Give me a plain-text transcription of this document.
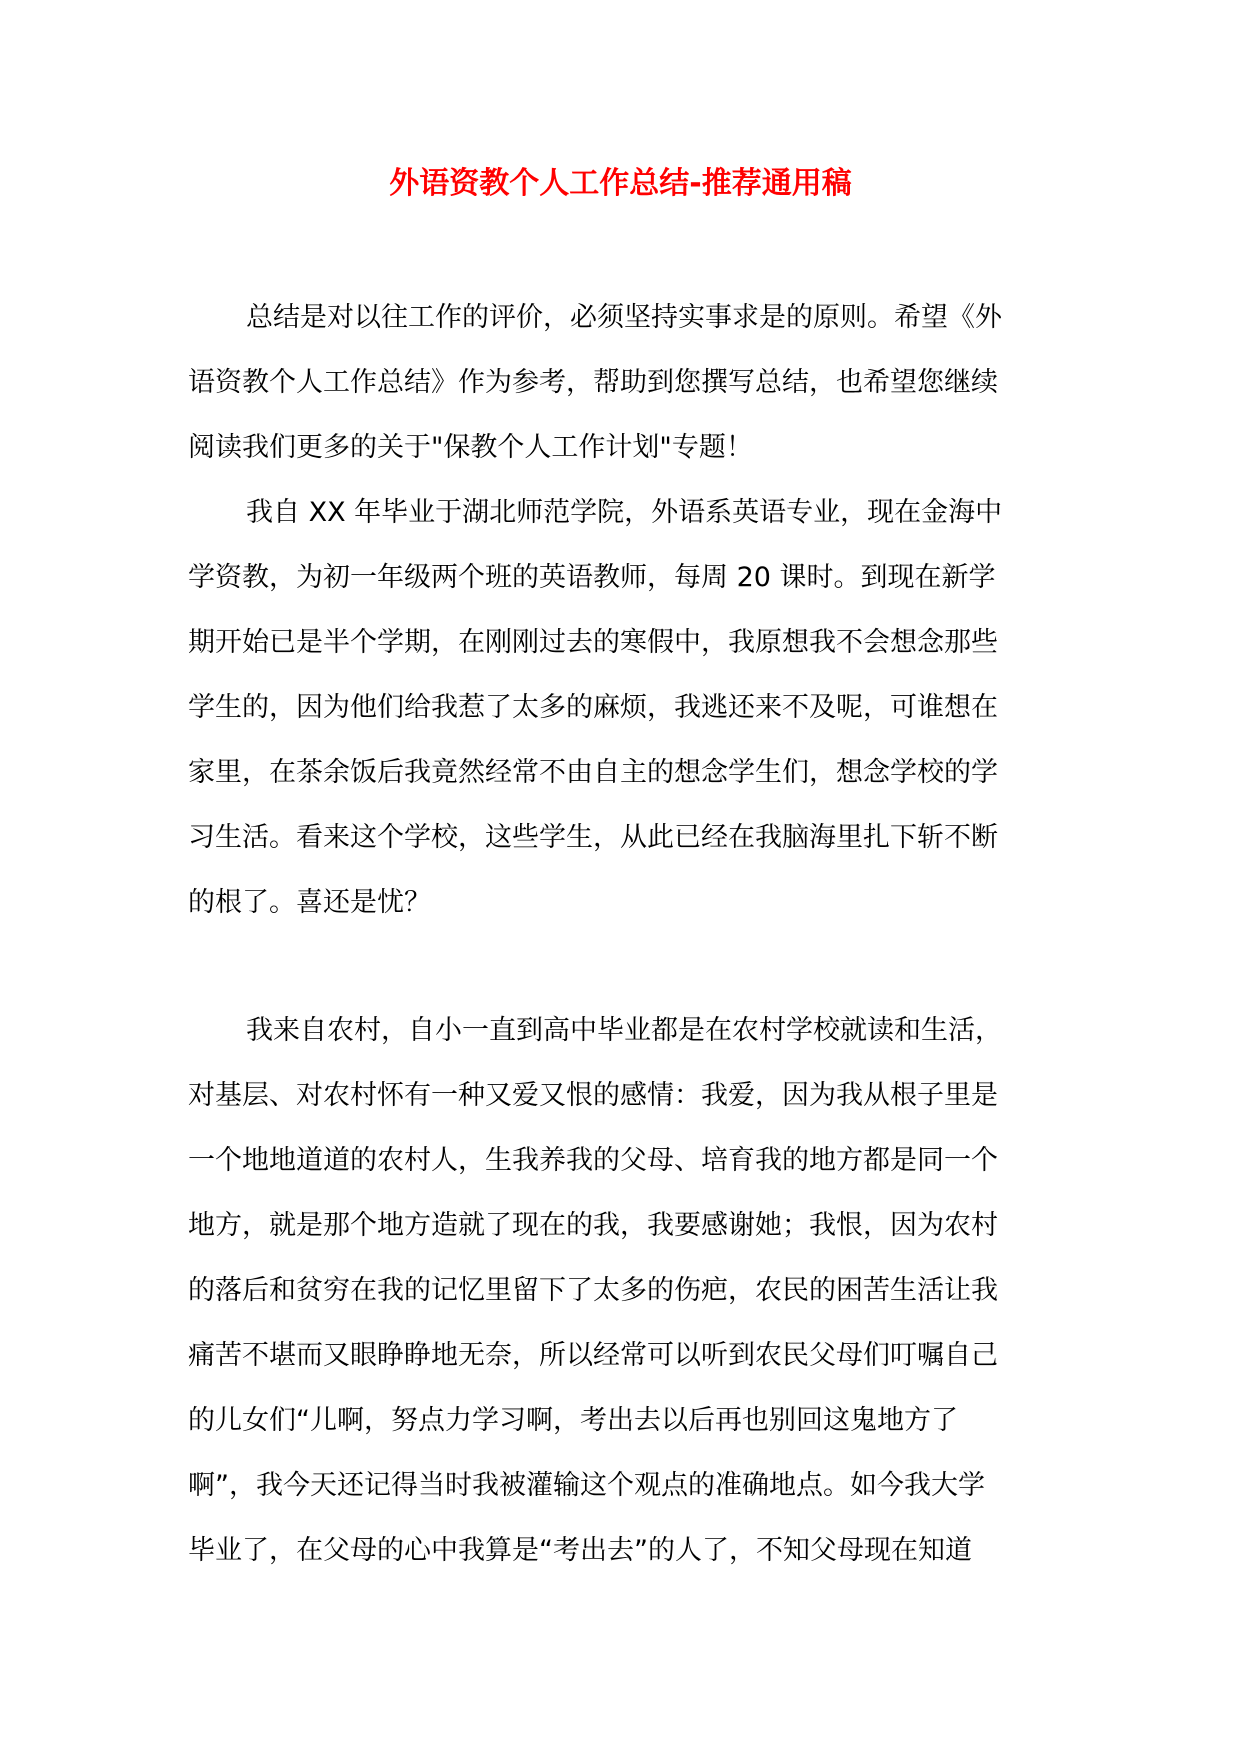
外语资教个人工作总结-推荐通用稿
总结是对以往工作的评价，必须坚持实事求是的原则。希望《外
语资教个人工作总结》作为参考，帮助到您撰写总结，也希望您继续
阅读我们更多的关于"保教个人工作计划"专题！
我自 XX 年毕业于湖北师范学院，外语系英语专业，现在金海中
学资教，为初一年级两个班的英语教师，每周 20 课时。到现在新学
期开始已是半个学期，在刚刚过去的寒假中，我原想我不会想念那些
学生的，因为他们给我惹了太多的麻烦，我逃还来不及呢，可谁想在
家里，在茶余饭后我竟然经常不由自主的想念学生们，想念学校的学
习生活。看来这个学校，这些学生，从此已经在我脑海里扎下斩不断
的根了。喜还是忧？
我来自农村，自小一直到高中毕业都是在农村学校就读和生活，
对基层、对农村怀有一种又爱又恨的感情：我爱，因为我从根子里是
一个地地道道的农村人，生我养我的父母、培育我的地方都是同一个
地方，就是那个地方造就了现在的我，我要感谢她；我恨，因为农村
的落后和贫穷在我的记忆里留下了太多的伤疤，农民的困苦生活让我
痛苦不堪而又眼睁睁地无奈，所以经常可以听到农民父母们叮嘱自己
的儿女们“儿啊，努点力学习啊，考出去以后再也别回这鬼地方了
啊”，我今天还记得当时我被灌输这个观点的准确地点。如今我大学
毕业了，在父母的心中我算是“考出去”的人了，不知父母现在知道
